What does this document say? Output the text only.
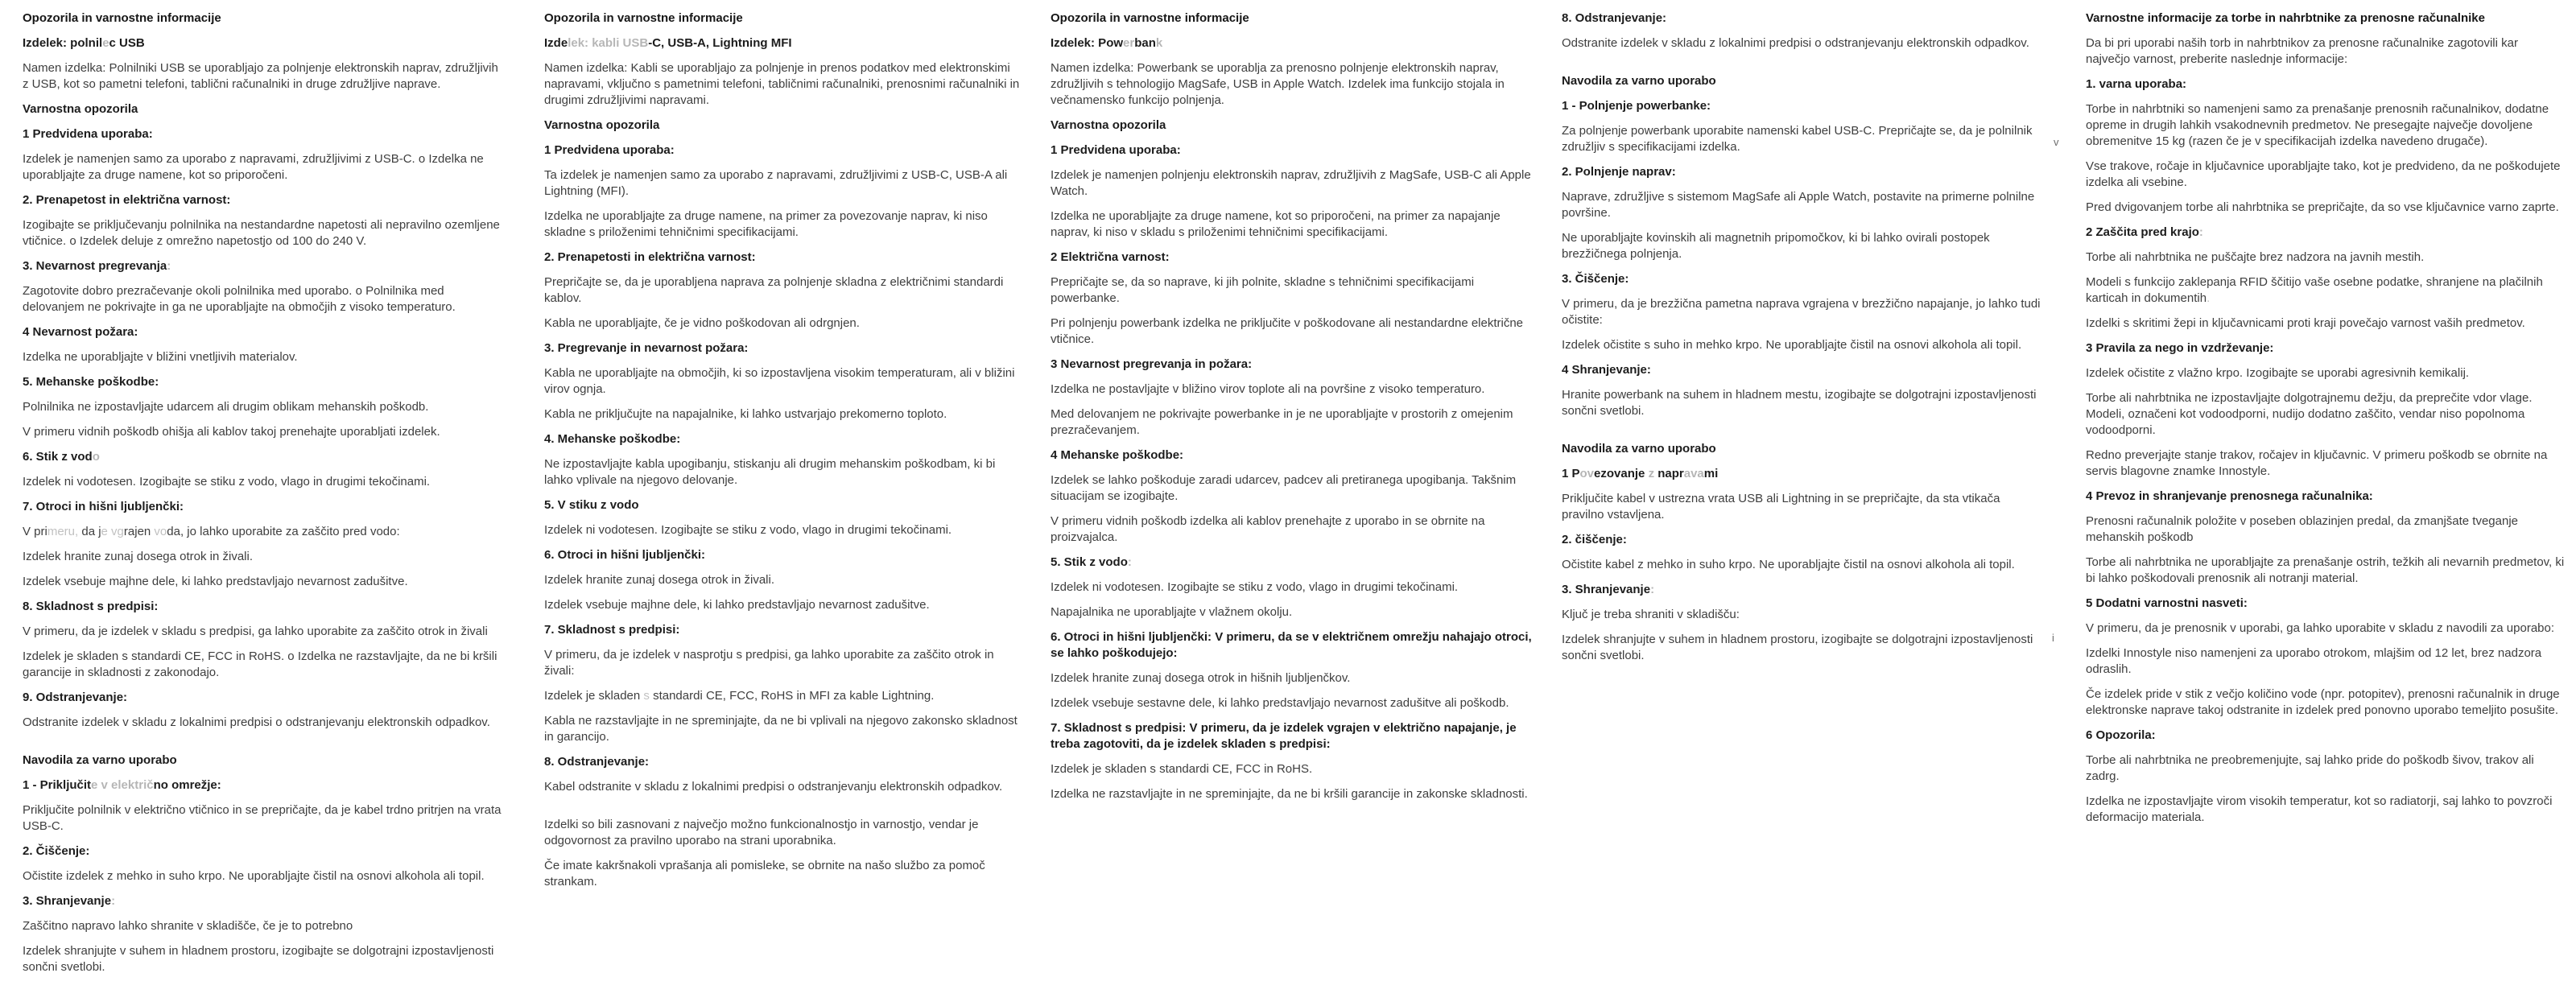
Opozorila in varnostne informacije
Izdelek: polnilec USB
Namen izdelka: Polnilniki USB se uporabljajo za polnjenje elektronskih naprav, združljivih z USB, kot so pametni telefoni, tablični računalniki in druge združljive naprave.
Varnostna opozorila
1 Predvidena uporaba:
Izdelek je namenjen samo za uporabo z napravami, združljivimi z USB-C. o Izdelka ne uporabljajte za druge namene, kot so priporočeni.
2. Prenapetost in električna varnost:
Izogibajte se priključevanju polnilnika na nestandardne napetosti ali nepravilno ozemljene vtičnice. o Izdelek deluje z omrežno napetostjo od 100 do 240 V.
3. Nevarnost pregrevanja:
Zagotovite dobro prezračevanje okoli polnilnika med uporabo. o Polnilnika med delovanjem ne pokrivajte in ga ne uporabljajte na območjih z visoko temperaturo.
4 Nevarnost požara:
Izdelka ne uporabljajte v bližini vnetljivih materialov.
5. Mehanske poškodbe:
Polnilnika ne izpostavljajte udarcem ali drugim oblikam mehanskih poškodb.
V primeru vidnih poškodb ohišja ali kablov takoj prenehajte uporabljati izdelek.
6. Stik z vodo
Izdelek ni vodotesen. Izogibajte se stiku z vodo, vlago in drugimi tekočinami.
7. Otroci in hišni ljubljenčki:
V primeru, da je vgrajen voda, jo lahko uporabite za zaščito pred vodo:
Izdelek hranite zunaj dosega otrok in živali.
Izdelek vsebuje majhne dele, ki lahko predstavljajo nevarnost zadušitve.
8. Skladnost s predpisi:
V primeru, da je izdelek v skladu s predpisi, ga lahko uporabite za zaščito otrok in živali
Izdelek je skladen s standardi CE, FCC in RoHS. o Izdelka ne razstavljajte, da ne bi kršili garancije in skladnosti z zakonodajo.
9. Odstranjevanje:
Odstranite izdelek v skladu z lokalnimi predpisi o odstranjevanju elektronskih odpadkov.
Navodila za varno uporabo
1 - Priključite v električno omrežje:
Priključite polnilnik v električno vtičnico in se prepričajte, da je kabel trdno pritrjen na vrata USB-C.
2. Čiščenje:
Očistite izdelek z mehko in suho krpo. Ne uporabljajte čistil na osnovi alkohola ali topil.
3. Shranjevanje:
Zaščitno napravo lahko shranite v skladišče, če je to potrebno
Izdelek shranjujte v suhem in hladnem prostoru, izogibajte se dolgotrajni izpostavljenosti sončni svetlobi.
Opozorila in varnostne informacije
Izdelek: kabli USB-C, USB-A, Lightning MFI
Namen izdelka: Kabli se uporabljajo za polnjenje in prenos podatkov med elektronskimi napravami, vključno s pametnimi telefoni, tabličnimi računalniki, prenosnimi računalniki in drugimi združljivimi napravami.
Varnostna opozorila
1 Predvidena uporaba:
Ta izdelek je namenjen samo za uporabo z napravami, združljivimi z USB-C, USB-A ali Lightning (MFI).
Izdelka ne uporabljajte za druge namene, na primer za povezovanje naprav, ki niso skladne s priloženimi tehničnimi specifikacijami.
2. Prenapetosti in električna varnost:
Prepričajte se, da je uporabljena naprava za polnjenje skladna z električnimi standardi kablov.
Kabla ne uporabljajte, če je vidno poškodovan ali odrgnjen.
3. Pregrevanje in nevarnost požara:
Kabla ne uporabljajte na območjih, ki so izpostavljena visokim temperaturam, ali v bližini virov ognja.
Kabla ne priključujte na napajalnike, ki lahko ustvarjajo prekomerno toploto.
4. Mehanske poškodbe:
Ne izpostavljajte kabla upogibanju, stiskanju ali drugim mehanskim poškodbam, ki bi lahko vplivale na njegovo delovanje.
5. V stiku z vodo
Izdelek ni vodotesen. Izogibajte se stiku z vodo, vlago in drugimi tekočinami.
6. Otroci in hišni ljubljenčki:
Izdelek hranite zunaj dosega otrok in živali.
Izdelek vsebuje majhne dele, ki lahko predstavljajo nevarnost zadušitve.
7. Skladnost s predpisi:
V primeru, da je izdelek v nasprotju s predpisi, ga lahko uporabite za zaščito otrok in živali:
Izdelek je skladen s standardi CE, FCC, RoHS in MFI za kable Lightning.
Kabla ne razstavljajte in ne spreminjajte, da ne bi vplivali na njegovo zakonsko skladnost in garancijo.
8. Odstranjevanje:
Kabel odstranite v skladu z lokalnimi predpisi o odstranjevanju elektronskih odpadkov.
Izdelki so bili zasnovani z največjo možno funkcionalnostjo in varnostjo, vendar je odgovornost za pravilno uporabo na strani uporabnika.
Če imate kakršnakoli vprašanja ali pomisleke, se obrnite na našo službo za pomoč strankam.
Opozorila in varnostne informacije
Izdelek: Powerbank
Namen izdelka: Powerbank se uporablja za prenosno polnjenje elektronskih naprav, združljivih s tehnologijo MagSafe, USB in Apple Watch. Izdelek ima funkcijo stojala in večnamensko funkcijo polnjenja.
Varnostna opozorila
1 Predvidena uporaba:
Izdelek je namenjen polnjenju elektronskih naprav, združljivih z MagSafe, USB-C ali Apple Watch.
Izdelka ne uporabljajte za druge namene, kot so priporočeni, na primer za napajanje naprav, ki niso v skladu s priloženimi tehničnimi specifikacijami.
2 Električna varnost:
Prepričajte se, da so naprave, ki jih polnite, skladne s tehničnimi specifikacijami powerbanke.
Pri polnjenju powerbank izdelka ne priključite v poškodovane ali nestandardne električne vtičnice.
3 Nevarnost pregrevanja in požara:
Izdelka ne postavljajte v bližino virov toplote ali na površine z visoko temperaturo.
Med delovanjem ne pokrivajte powerbanke in je ne uporabljajte v prostorih z omejenim prezračevanjem.
4 Mehanske poškodbe:
Izdelek se lahko poškoduje zaradi udarcev, padcev ali pretiranega upogibanja. Takšnim situacijam se izogibajte.
V primeru vidnih poškodb izdelka ali kablov prenehajte z uporabo in se obrnite na proizvajalca.
5. Stik z vodo:
Izdelek ni vodotesen. Izogibajte se stiku z vodo, vlago in drugimi tekočinami.
Napajalnika ne uporabljajte v vlažnem okolju.
6. Otroci in hišni ljubljenčki: V primeru, da se v električnem omrežju nahajajo otroci, se lahko poškodujejo:
Izdelek hranite zunaj dosega otrok in hišnih ljubljenčkov.
Izdelek vsebuje sestavne dele, ki lahko predstavljajo nevarnost zadušitve ali poškodb.
7. Skladnost s predpisi: V primeru, da je izdelek vgrajen v električno napajanje, je treba zagotoviti, da je izdelek skladen s predpisi:
Izdelek je skladen s standardi CE, FCC in RoHS.
Izdelka ne razstavljajte in ne spreminjajte, da ne bi kršili garancije in zakonske skladnosti.
8. Odstranjevanje:
Odstranite izdelek v skladu z lokalnimi predpisi o odstranjevanju elektronskih odpadkov.
Navodila za varno uporabo
1 - Polnjenje powerbanke:
Za polnjenje powerbank uporabite namenski kabel USB-C. Prepričajte se, da je polnilnik združljiv s specifikacijami izdelka.
2. Polnjenje naprav:
Naprave, združljive s sistemom MagSafe ali Apple Watch, postavite na primerne polnilne površine.
Ne uporabljajte kovinskih ali magnetnih pripomočkov, ki bi lahko ovirali postopek brezžičnega polnjenja.
3. Čiščenje:
V primeru, da je brezžična pametna naprava vgrajena v brezžično napajanje, jo lahko tudi očistite:
Izdelek očistite s suho in mehko krpo. Ne uporabljajte čistil na osnovi alkohola ali topil.
4 Shranjevanje:
Hranite powerbank na suhem in hladnem mestu, izogibajte se dolgotrajni izpostavljenosti sončni svetlobi.
Navodila za varno uporabo
1 Povezovanje z napravami
Priključite kabel v ustrezna vrata USB ali Lightning in se prepričajte, da sta vtikača pravilno vstavljena.
2. čiščenje:
Očistite kabel z mehko in suho krpo. Ne uporabljajte čistil na osnovi alkohola ali topil.
3. Shranjevanje:
Ključ je treba shraniti v skladišču:
Izdelek shranjujte v suhem in hladnem prostoru, izogibajte se dolgotrajni izpostavljenosti sončni svetlobi.
Varnostne informacije za torbe in nahrbtnike za prenosne računalnike
Da bi pri uporabi naših torb in nahrbtnikov za prenosne računalnike zagotovili kar največjo varnost, preberite naslednje informacije:
1. varna uporaba:
Torbe in nahrbtniki so namenjeni samo za prenašanje prenosnih računalnikov, dodatne opreme in drugih lahkih vsakodnevnih predmetov. Ne presegajte največje dovoljene obremenitve 15 kg (razen če je v specifikacijah izdelka navedeno drugače).
Vse trakove, ročaje in ključavnice uporabljajte tako, kot je predvideno, da ne poškodujete izdelka ali vsebine.
Pred dvigovanjem torbe ali nahrbtnika se prepričajte, da so vse ključavnice varno zaprte.
2 Zaščita pred krajo:
Torbe ali nahrbtnika ne puščajte brez nadzora na javnih mestih.
Modeli s funkcijo zaklepanja RFID ščitijo vaše osebne podatke, shranjene na plačilnih karticah in dokumentih.
Izdelki s skritimi žepi in ključavnicami proti kraji povečajo varnost vaših predmetov.
3 Pravila za nego in vzdrževanje:
Izdelek očistite z vlažno krpo. Izogibajte se uporabi agresivnih kemikalij.
Torbe ali nahrbtnika ne izpostavljajte dolgotrajnemu dežju, da preprečite vdor vlage. Modeli, označeni kot vodoodporni, nudijo dodatno zaščito, vendar niso popolnoma vodoodporni.
Redno preverjajte stanje trakov, ročajev in ključavnic. V primeru poškodb se obrnite na servis blagovne znamke Innostyle.
4 Prevoz in shranjevanje prenosnega računalnika:
Prenosni računalnik položite v poseben oblazinjen predal, da zmanjšate tveganje mehanskih poškodb
Torbe ali nahrbtnika ne uporabljajte za prenašanje ostrih, težkih ali nevarnih predmetov, ki bi lahko poškodovali prenosnik ali notranji material.
5 Dodatni varnostni nasveti:
V primeru, da je prenosnik v uporabi, ga lahko uporabite v skladu z navodili za uporabo:
Izdelki Innostyle niso namenjeni za uporabo otrokom, mlajšim od 12 let, brez nadzora odraslih.
Če izdelek pride v stik z večjo količino vode (npr. potopitev), prenosni računalnik in druge elektronske naprave takoj odstranite in izdelek pred ponovno uporabo temeljito posušite.
6 Opozorila:
Torbe ali nahrbtnika ne preobremenjujte, saj lahko pride do poškodb šivov, trakov ali zadrg.
Izdelka ne izpostavljajte virom visokih temperatur, kot so radiatorji, saj lahko to povzroči deformacijo materiala.
v
i
